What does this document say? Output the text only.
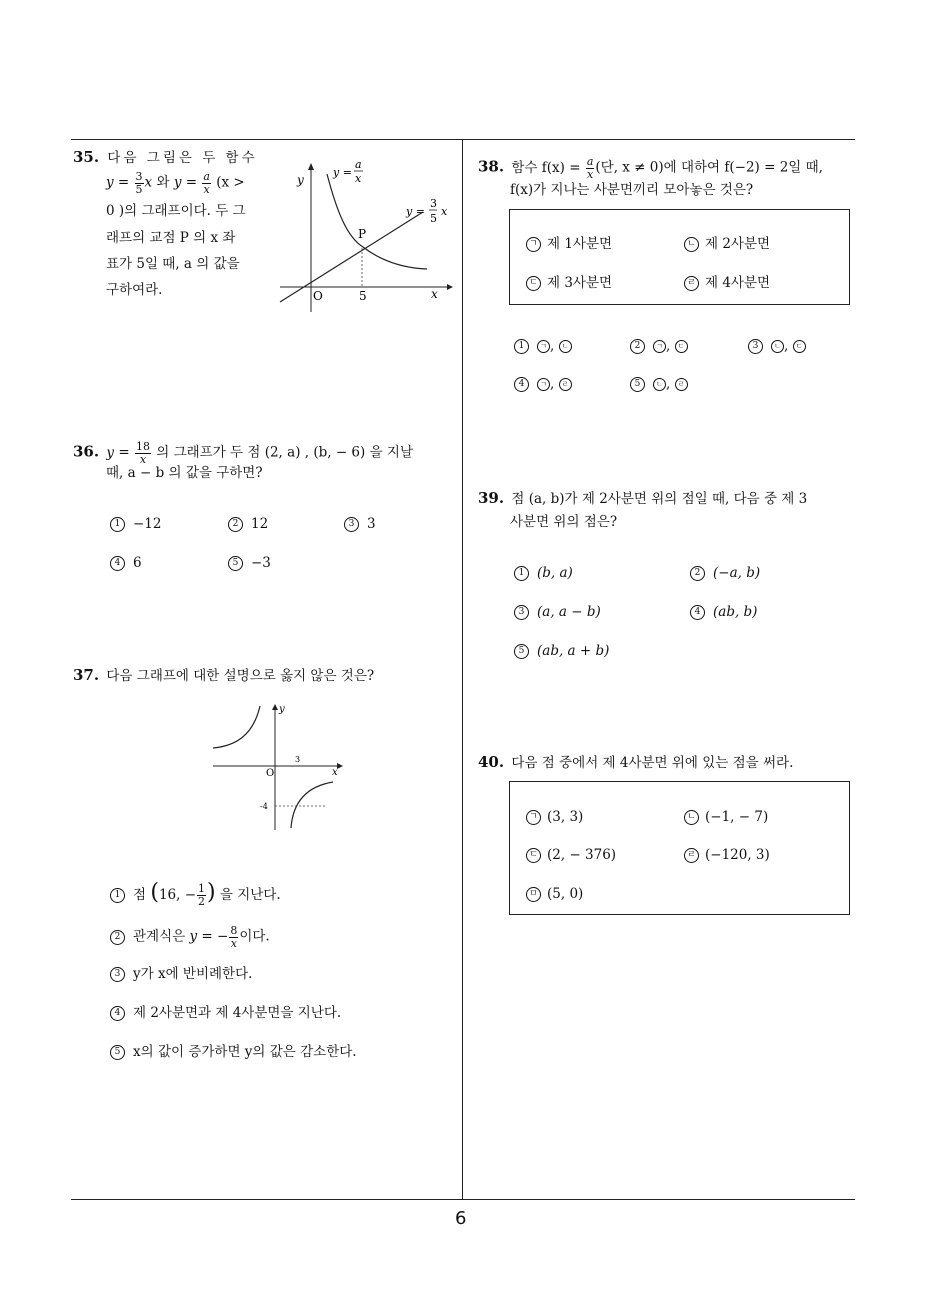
35. 다음 그림은 두 함수
$y = \frac{3}{5}$ x 와 $y = \frac{a}{x} (x$ >
0 )의 그래프이다. 두 그
래프의 교점 P 의 x 좌
표가 5일 때, a 의 값을
구하여라.
y
x
O	5
P
y =
a
x
y =
3
5
x
36. $y = \frac{18}{x}$ 의 그래프가 두 점 (2, a) , (b, − 6) 을 지날
때, a − b 의 값을 구하면?
1 −12	2 12	3 3
4 6	5 −3
37. 다음 그래프에 대한 설명으로 옳지 않은 것은?
y
x
O
3
-4
1 점 (16, − $\frac{1}{2}$ ) 을 지난다.
2 관계식은 y = − $\frac{8}{x}$ 이다.
3 y가 x에 반비례한다.
4 제 2사분면과 제 4사분면을 지난다.
5 x의 값이 증가하면 y의 값은 감소한다.
38. 함수 $f(x) = \frac{a}{x}$ (단, x ≠ 0)에 대하여 f(−2) = 2일 때,
f(x)가 지나는 사분면끼리 모아놓은 것은?
ㄱ 제 1사분면	ㄴ 제 2사분면
ㄷ 제 3사분면	ㄹ 제 4사분면
1 ㄱ , ㄴ	2 ㄱ , ㄷ	3 ㄴ , ㄷ
4 ㄱ , ㄹ	5 ㄴ , ㄹ
39. 점 (a, b)가 제 2사분면 위의 점일 때, 다음 중 제 3
사분면 위의 점은?
1 (b, a)	2 (−a, b)
3 (a, a − b)	4 (ab, b)
5 (ab, a + b)
40. 다음 점 중에서 제 4사분면 위에 있는 점을 써라.
ㄱ (3, 3)	ㄴ (−1, − 7)
ㄷ (2, − 376)	ㄹ (−120, 3)
ㅁ (5, 0)
6
